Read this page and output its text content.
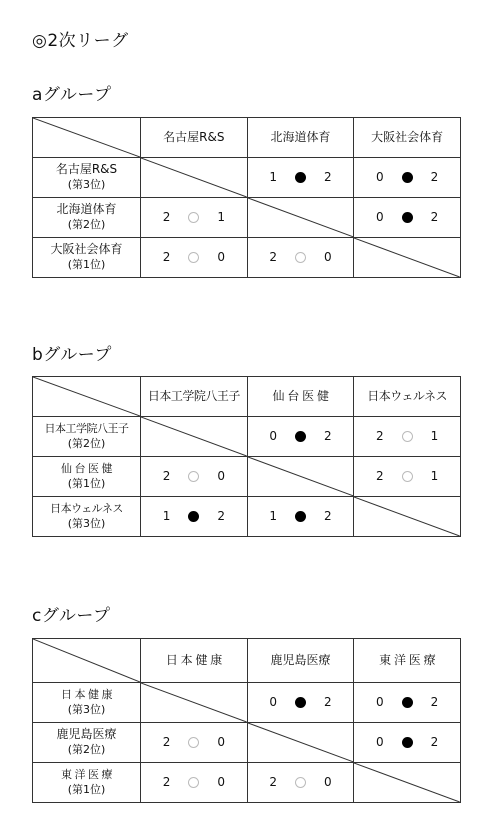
◎2次リーグ
aグループ
	名古屋R&S	北海道体育	大阪社会体育

名古屋R&S
(第3位)		1 2	0 2

北海道体育
(第2位)	2 1		0 2

大阪社会体育
(第1位)	2 0	2 0

bグループ
	日本工学院八王子	仙 台 医 健	日本ウェルネス

日本工学院八王子
(第2位)		0 2	2 1

仙 台 医 健
(第1位)	2 0		2 1

日本ウェルネス
(第3位)	1 2	1 2

cグループ
	日 本 健 康	鹿児島医療	東 洋 医 療

日 本 健 康
(第3位)		0 2	0 2

鹿児島医療
(第2位)	2 0		0 2

東 洋 医 療
(第1位)	2 0	2 0
